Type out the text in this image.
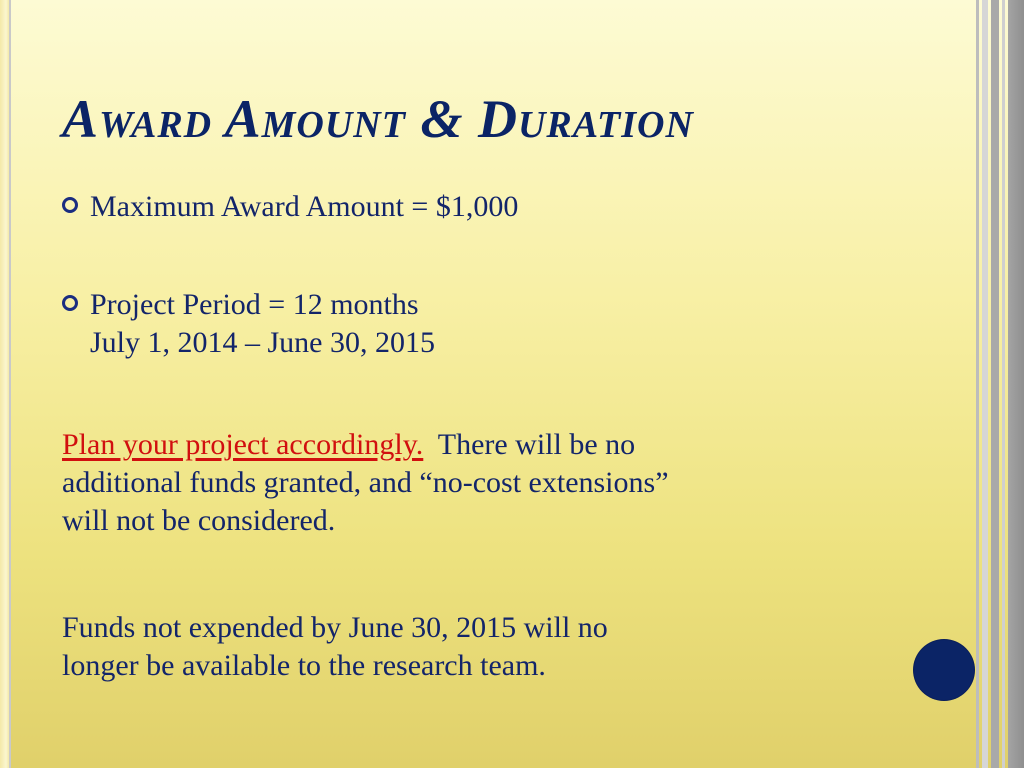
Award Amount & Duration
Maximum Award Amount = $1,000
Project Period = 12 months
July 1, 2014 – June 30, 2015
Plan your project accordingly.  There will be no
additional funds granted, and “no-cost extensions”
will not be considered.
Funds not expended by June 30, 2015 will no
longer be available to the research team.
